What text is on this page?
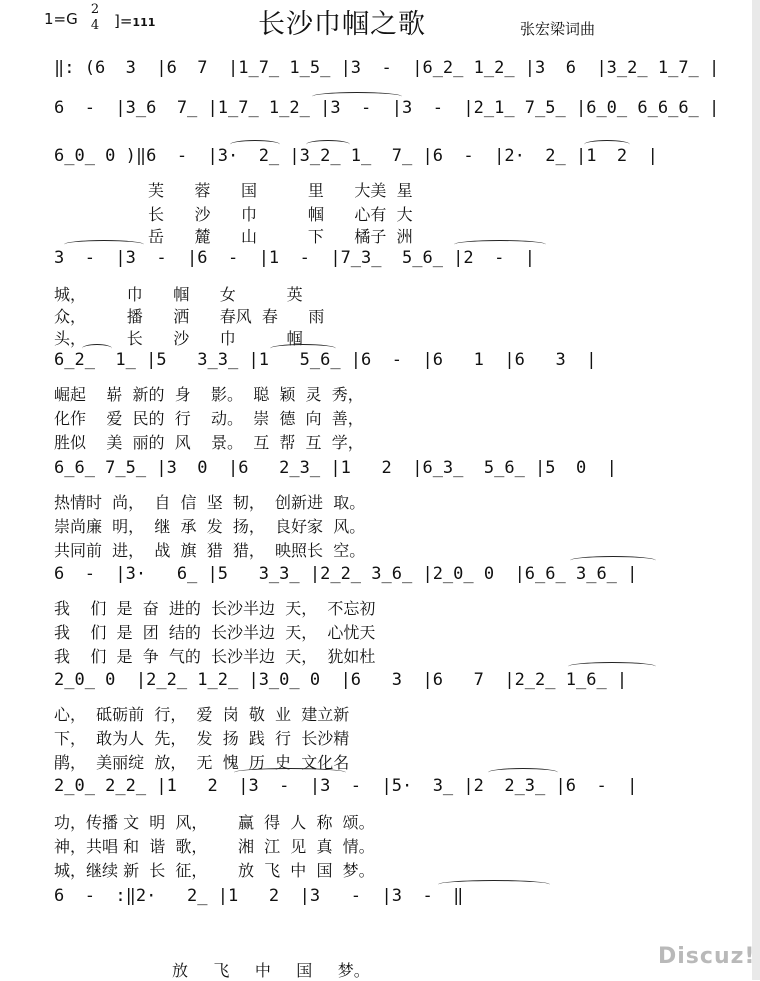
1=G
2
4 ]=111	长沙巾帼之歌	张宏梁词曲
‖: (6  3  |6  7  |1̲7̲ 1̲5̲ |3  -  |6̲2̲ 1̲2̲ |3  6  |3̲2̲ 1̲7̲ |
6  -  |3̲6  7̲ |1̲7̲ 1̲2̲ |3  -  |3  -  |2̲1̲ 7̲5̲ |6̲0̲ 6̲6̲6̲ |
6̲0̲ 0 )‖6  -  |3·  2̲ |3̲2̲ 1̲  7̲ |6  -  |2·  2̲ |1  2  |
芙      蓉      国          里      大美  星
长      沙      巾          帼      心有  大
岳      麓      山          下      橘子  洲
3  -  |3  -  |6  -  |1  -  |7̲3̲  5̲6̲ |2  -  |
城，        巾      帼      女          英
众，        播      洒      春风  春      雨
头，        长      沙      巾          帼
6̲2̲  1̲ |5   3̲3̲ |1   5̲6̲ |6  -  |6   1  |6   3  |
崛起    崭  新的  身    影。  聪  颖  灵  秀，
化作    爱  民的  行    动。  崇  德  向  善，
胜似    美  丽的  风    景。  互  帮  互  学，
6̲6̲ 7̲5̲ |3  0  |6   2̲3̲ |1   2  |6̲3̲  5̲6̲ |5  0  |
热情时  尚，  自  信  坚  韧，  创新进  取。
崇尚廉  明，  继  承  发  扬，  良好家  风。
共同前  进，  战  旗  猎  猎，  映照长  空。
6  -  |3·   6̲ |5   3̲3̲ |2̲2̲ 3̲6̲ |2̲0̲ 0  |6̲6̲ 3̲6̲ |
我    们  是  奋  进的  长沙半边  天，  不忘初
我    们  是  团  结的  长沙半边  天，  心忧天
我    们  是  争  气的  长沙半边  天，  犹如杜
2̲0̲ 0  |2̲2̲ 1̲2̲ |3̲0̲ 0  |6   3  |6   7  |2̲2̲ 1̲6̲ |
心，  砥砺前  行，  爱  岗  敬  业  建立新
下，  敢为人  先，  发  扬  践  行  长沙精
鹃，  美丽绽  放，  无  愧  历  史  文化名
2̲0̲ 2̲2̲ |1   2  |3  -  |3  -  |5·  3̲ |2  2̲3̲ |6  -  |
功，传播 文  明  风，      赢  得  人  称  颂。
神，共唱 和  谐  歌，      湘  江  见  真  情。
城，继续 新  长  征，      放  飞  中  国  梦。
6  -  :‖2·   2̲ |1   2  |3   -  |3  -  ‖
放     飞     中     国     梦。
Discuz!
